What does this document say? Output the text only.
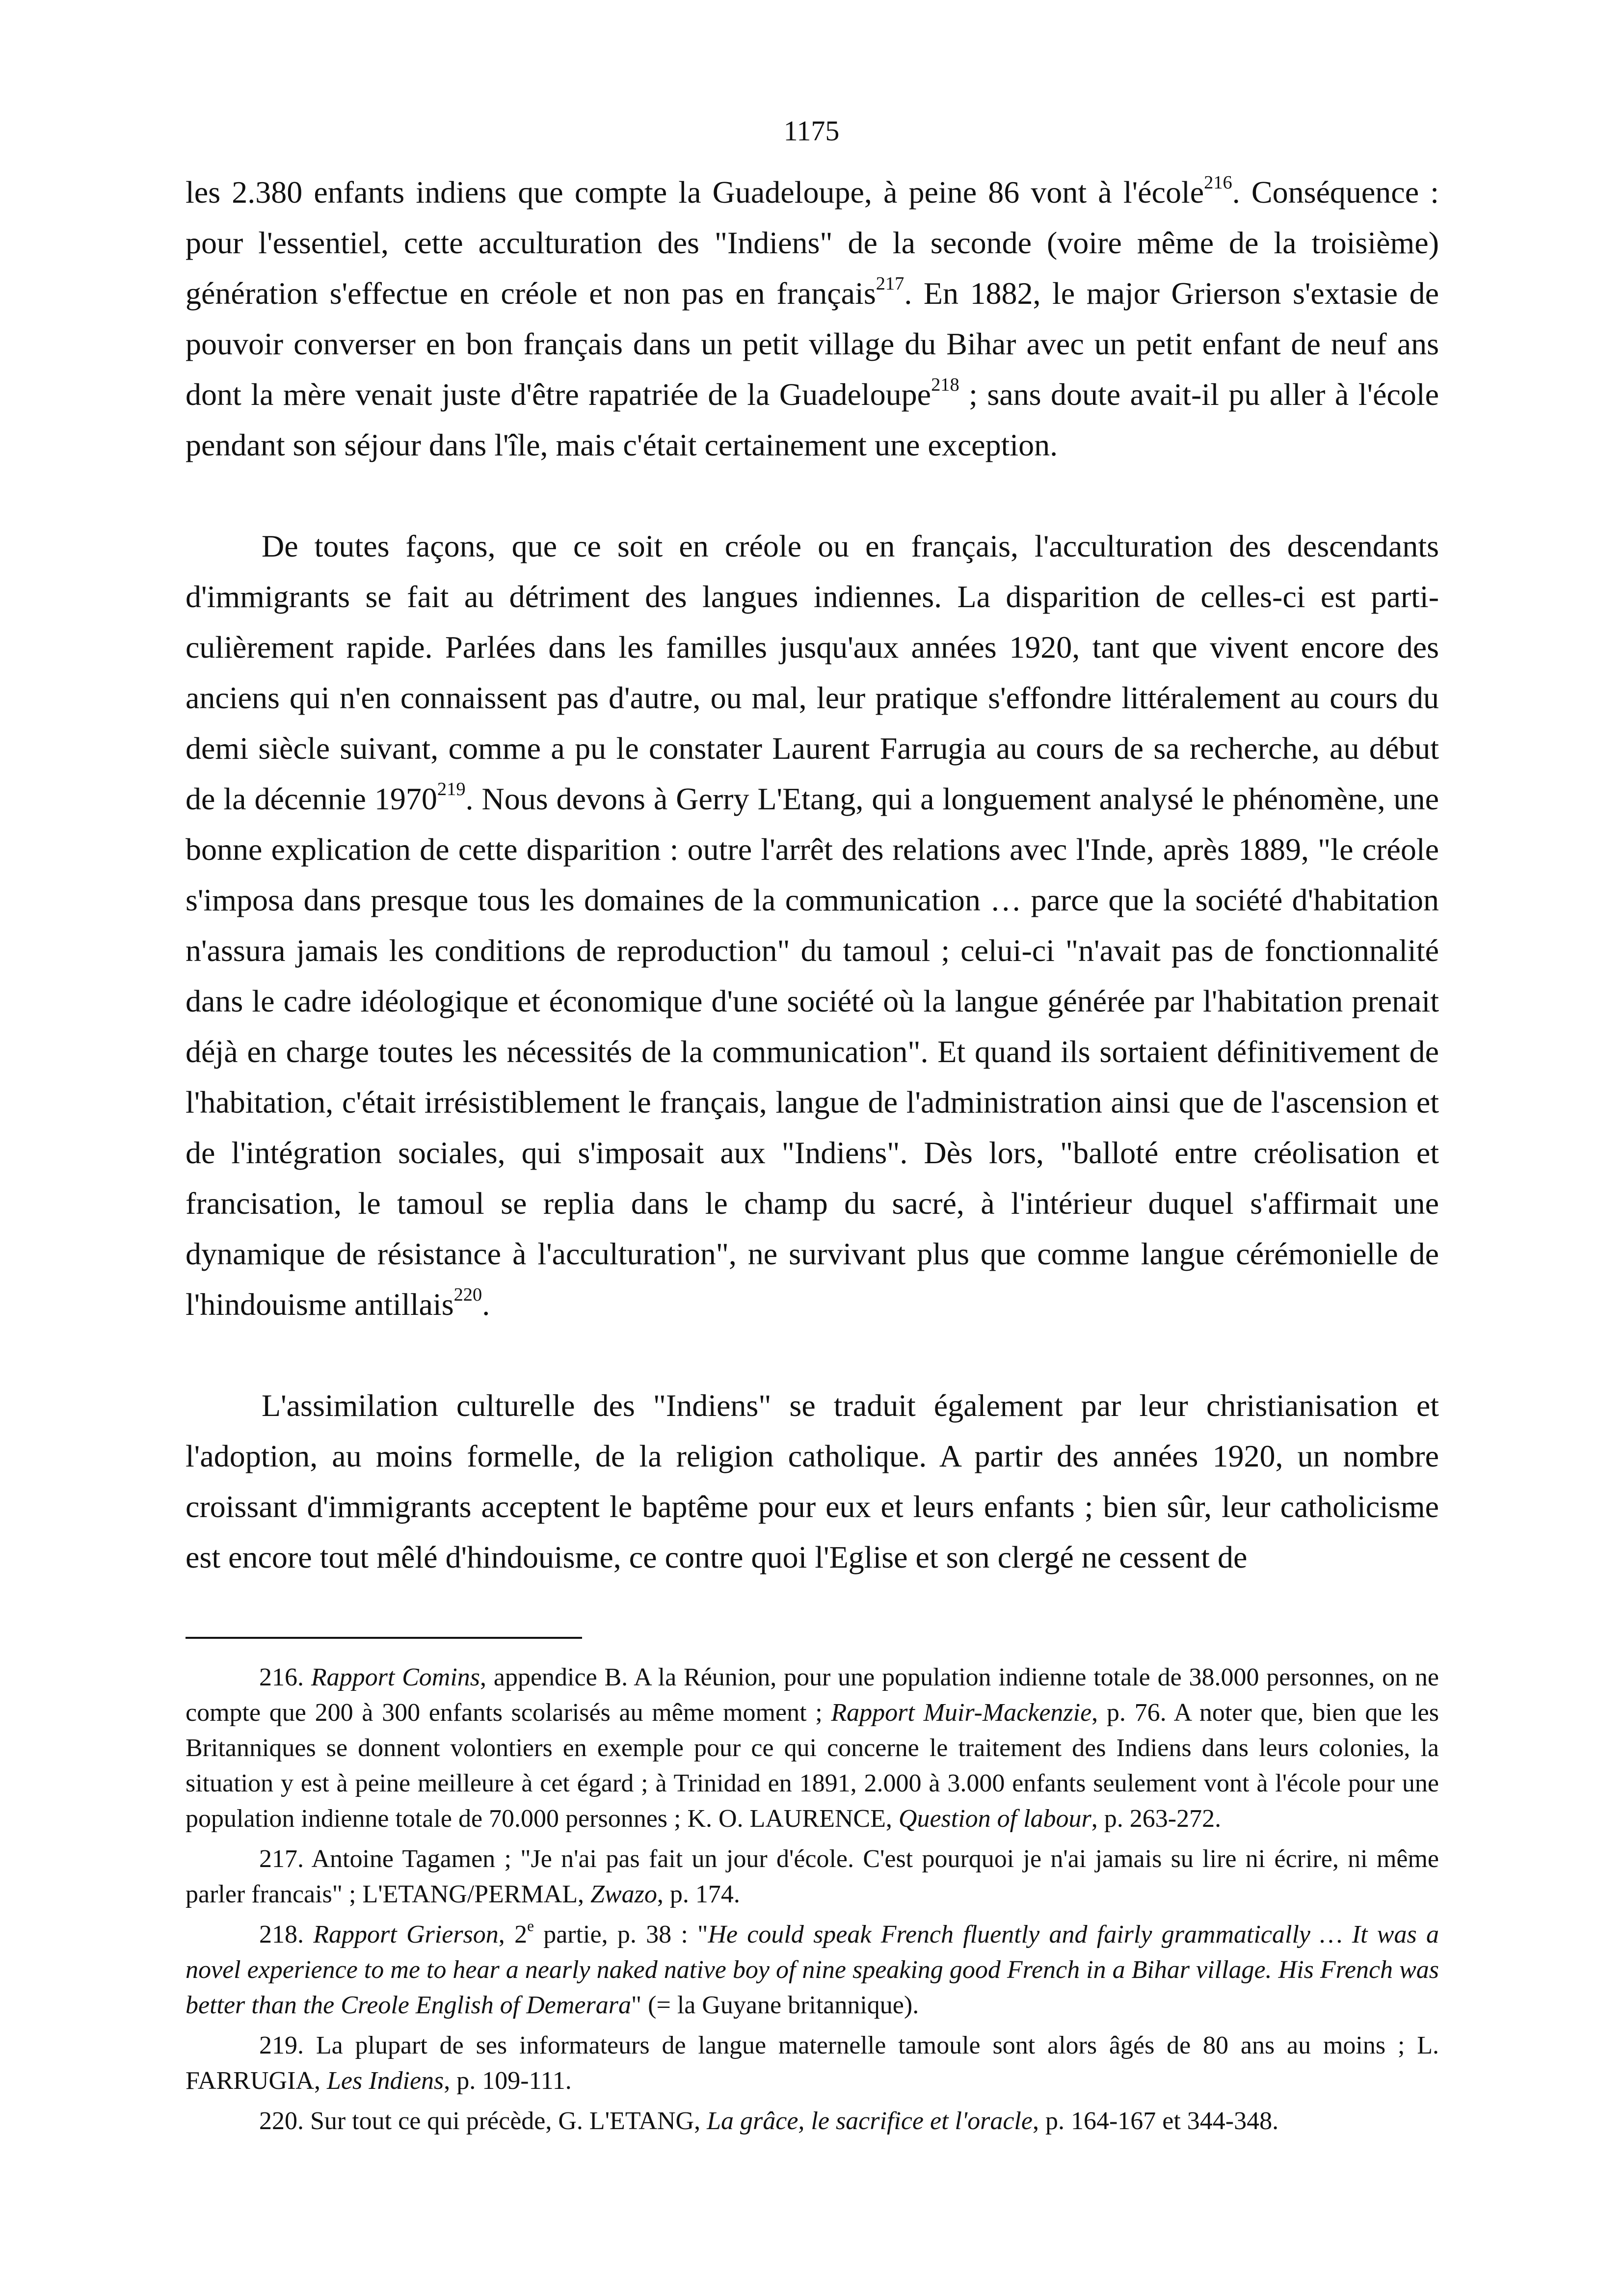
1175

les 2.380 enfants indiens que compte la Guadeloupe, à peine 86 vont à l'école$^{216}$. Conséquence : pour l'essentiel, cette acculturation des "Indiens" de la seconde (voire même de la troisième) génération s'effectue en créole et non pas en français$^{217}$. En 1882, le major Grierson s'extasie de pouvoir converser en bon français dans un petit village du Bihar avec un petit enfant de neuf ans dont la mère venait juste d'être rapatriée de la Guadeloupe$^{218}$ ; sans doute avait-il pu aller à l'école pendant son séjour dans l'île, mais c'était certainement une exception.

De toutes façons, que ce soit en créole ou en français, l'acculturation des descendants d'immigrants se fait au détriment des langues indiennes. La disparition de celles-ci est particulièrement rapide. Parlées dans les familles jusqu'aux années 1920, tant que vivent encore des anciens qui n'en connaissent pas d'autre, ou mal, leur pratique s'effondre littéralement au cours du demi siècle suivant, comme a pu le constater Laurent Farrugia au cours de sa recherche, au début de la décennie 1970$^{219}$. Nous devons à Gerry L'Etang, qui a longuement analysé le phénomène, une bonne explication de cette disparition : outre l'arrêt des relations avec l'Inde, après 1889, "le créole s'imposa dans presque tous les domaines de la communication … parce que la société d'habitation n'assura jamais les conditions de reproduction" du tamoul ; celui-ci "n'avait pas de fonctionnalité dans le cadre idéologique et économique d'une société où la langue générée par l'habitation prenait déjà en charge toutes les nécessités de la communication". Et quand ils sortaient définitivement de l'habitation, c'était irrésistiblement le français, langue de l'administration ainsi que de l'ascension et de l'intégration sociales, qui s'imposait aux "Indiens". Dès lors, "balloté entre créolisation et francisation, le tamoul se replia dans le champ du sacré, à l'intérieur duquel s'affirmait une dynamique de résistance à l'acculturation", ne survivant plus que comme langue cérémonielle de l'hindouisme antillais$^{220}$.

L'assimilation culturelle des "Indiens" se traduit également par leur christianisation et l'adoption, au moins formelle, de la religion catholique. A partir des années 1920, un nombre croissant d'immigrants acceptent le baptême pour eux et leurs enfants ; bien sûr, leur catholicisme est encore tout mêlé d'hindouisme, ce contre quoi l'Eglise et son clergé ne cessent de

216. Rapport Comins, appendice B. A la Réunion, pour une population indienne totale de 38.000 personnes, on ne compte que 200 à 300 enfants scolarisés au même moment ; Rapport Muir-Mackenzie, p. 76. A noter que, bien que les Britanniques se donnent volontiers en exemple pour ce qui concerne le traitement des Indiens dans leurs colonies, la situation y est à peine meilleure à cet égard ; à Trinidad en 1891, 2.000 à 3.000 enfants seulement vont à l'école pour une population indienne totale de 70.000 personnes ; K. O. LAURENCE, Question of labour, p. 263-272.

217. Antoine Tagamen ; "Je n'ai pas fait un jour d'école. C'est pourquoi je n'ai jamais su lire ni écrire, ni même parler francais" ; L'ETANG/PERMAL, Zwazo, p. 174.

218. Rapport Grierson, 2e partie, p. 38 : "He could speak French fluently and fairly grammatically … It was a novel experience to me to hear a nearly naked native boy of nine speaking good French in a Bihar village. His French was better than the Creole English of Demerara" (= la Guyane britannique).

219. La plupart de ses informateurs de langue maternelle tamoule sont alors âgés de 80 ans au moins ; L. FARRUGIA, Les Indiens, p. 109-111.

220. Sur tout ce qui précède, G. L'ETANG, La grâce, le sacrifice et l'oracle, p. 164-167 et 344-348.
